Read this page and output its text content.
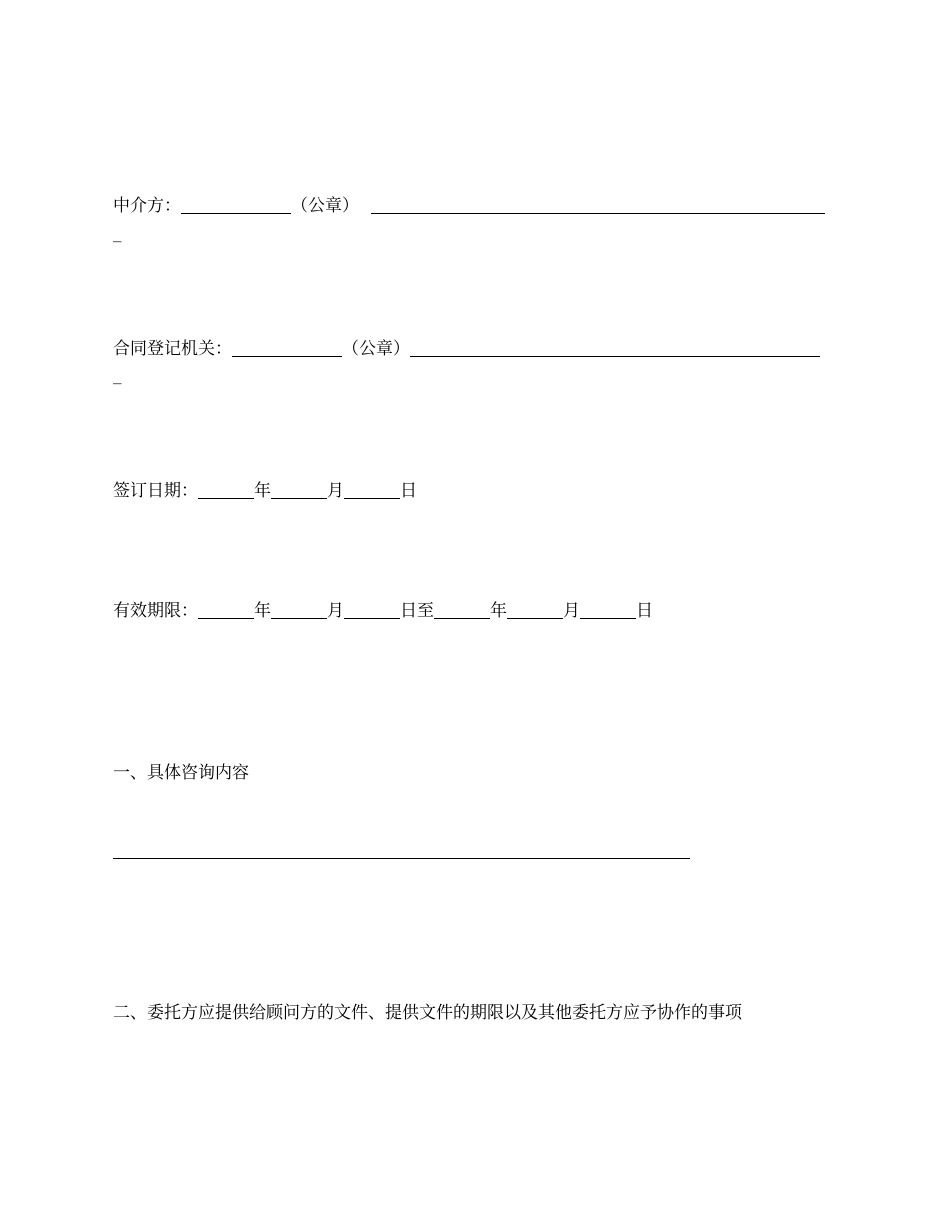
中介方：	（公章）
_
合同登记机关：	（公章）
_
签订日期：	年	月	日
有效期限：	年	月	日至	年	月	日
一、具体咨询内容
二、委托方应提供给顾问方的文件、提供文件的期限以及其他委托方应予协作的事项
